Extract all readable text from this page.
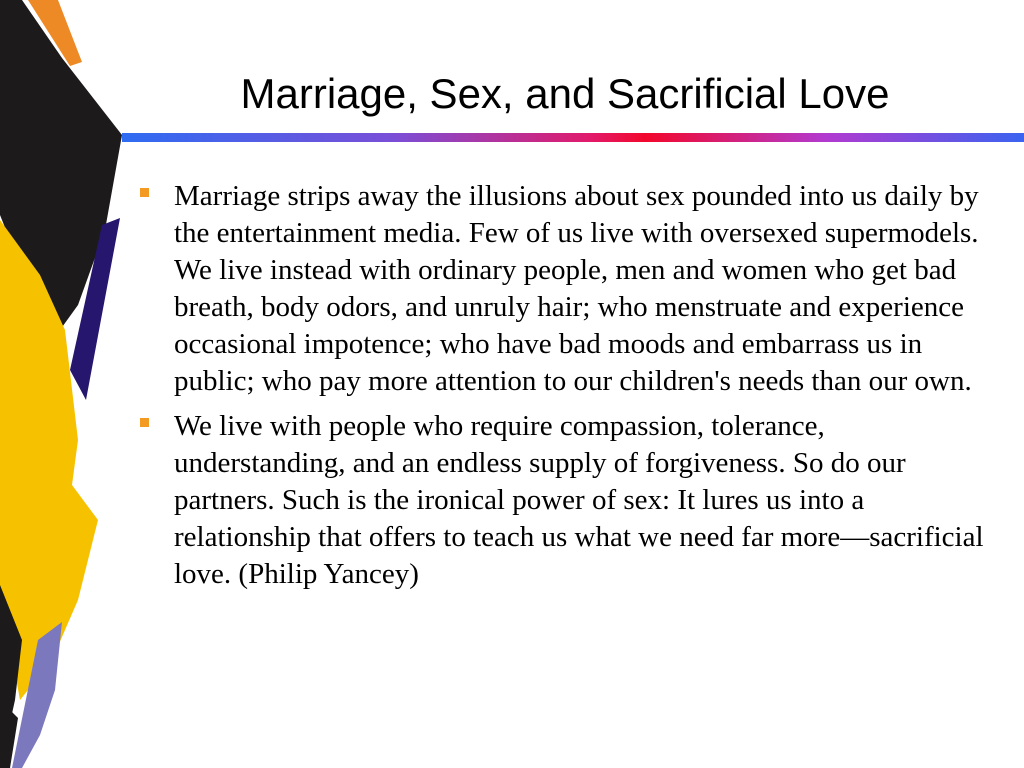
Marriage, Sex, and Sacrificial Love
Marriage strips away the illusions about sex pounded into us daily by the entertainment media. Few of us live with oversexed supermodels. We live instead with ordinary people, men and women who get bad breath, body odors, and unruly hair; who menstruate and experience occasional impotence; who have bad moods and embarrass us in public; who pay more attention to our children's needs than our own.
We live with people who require compassion, tolerance, understanding, and an endless supply of forgiveness. So do our partners. Such is the ironical power of sex: It lures us into a relationship that offers to teach us what we need far more—sacrificial love. (Philip Yancey)
